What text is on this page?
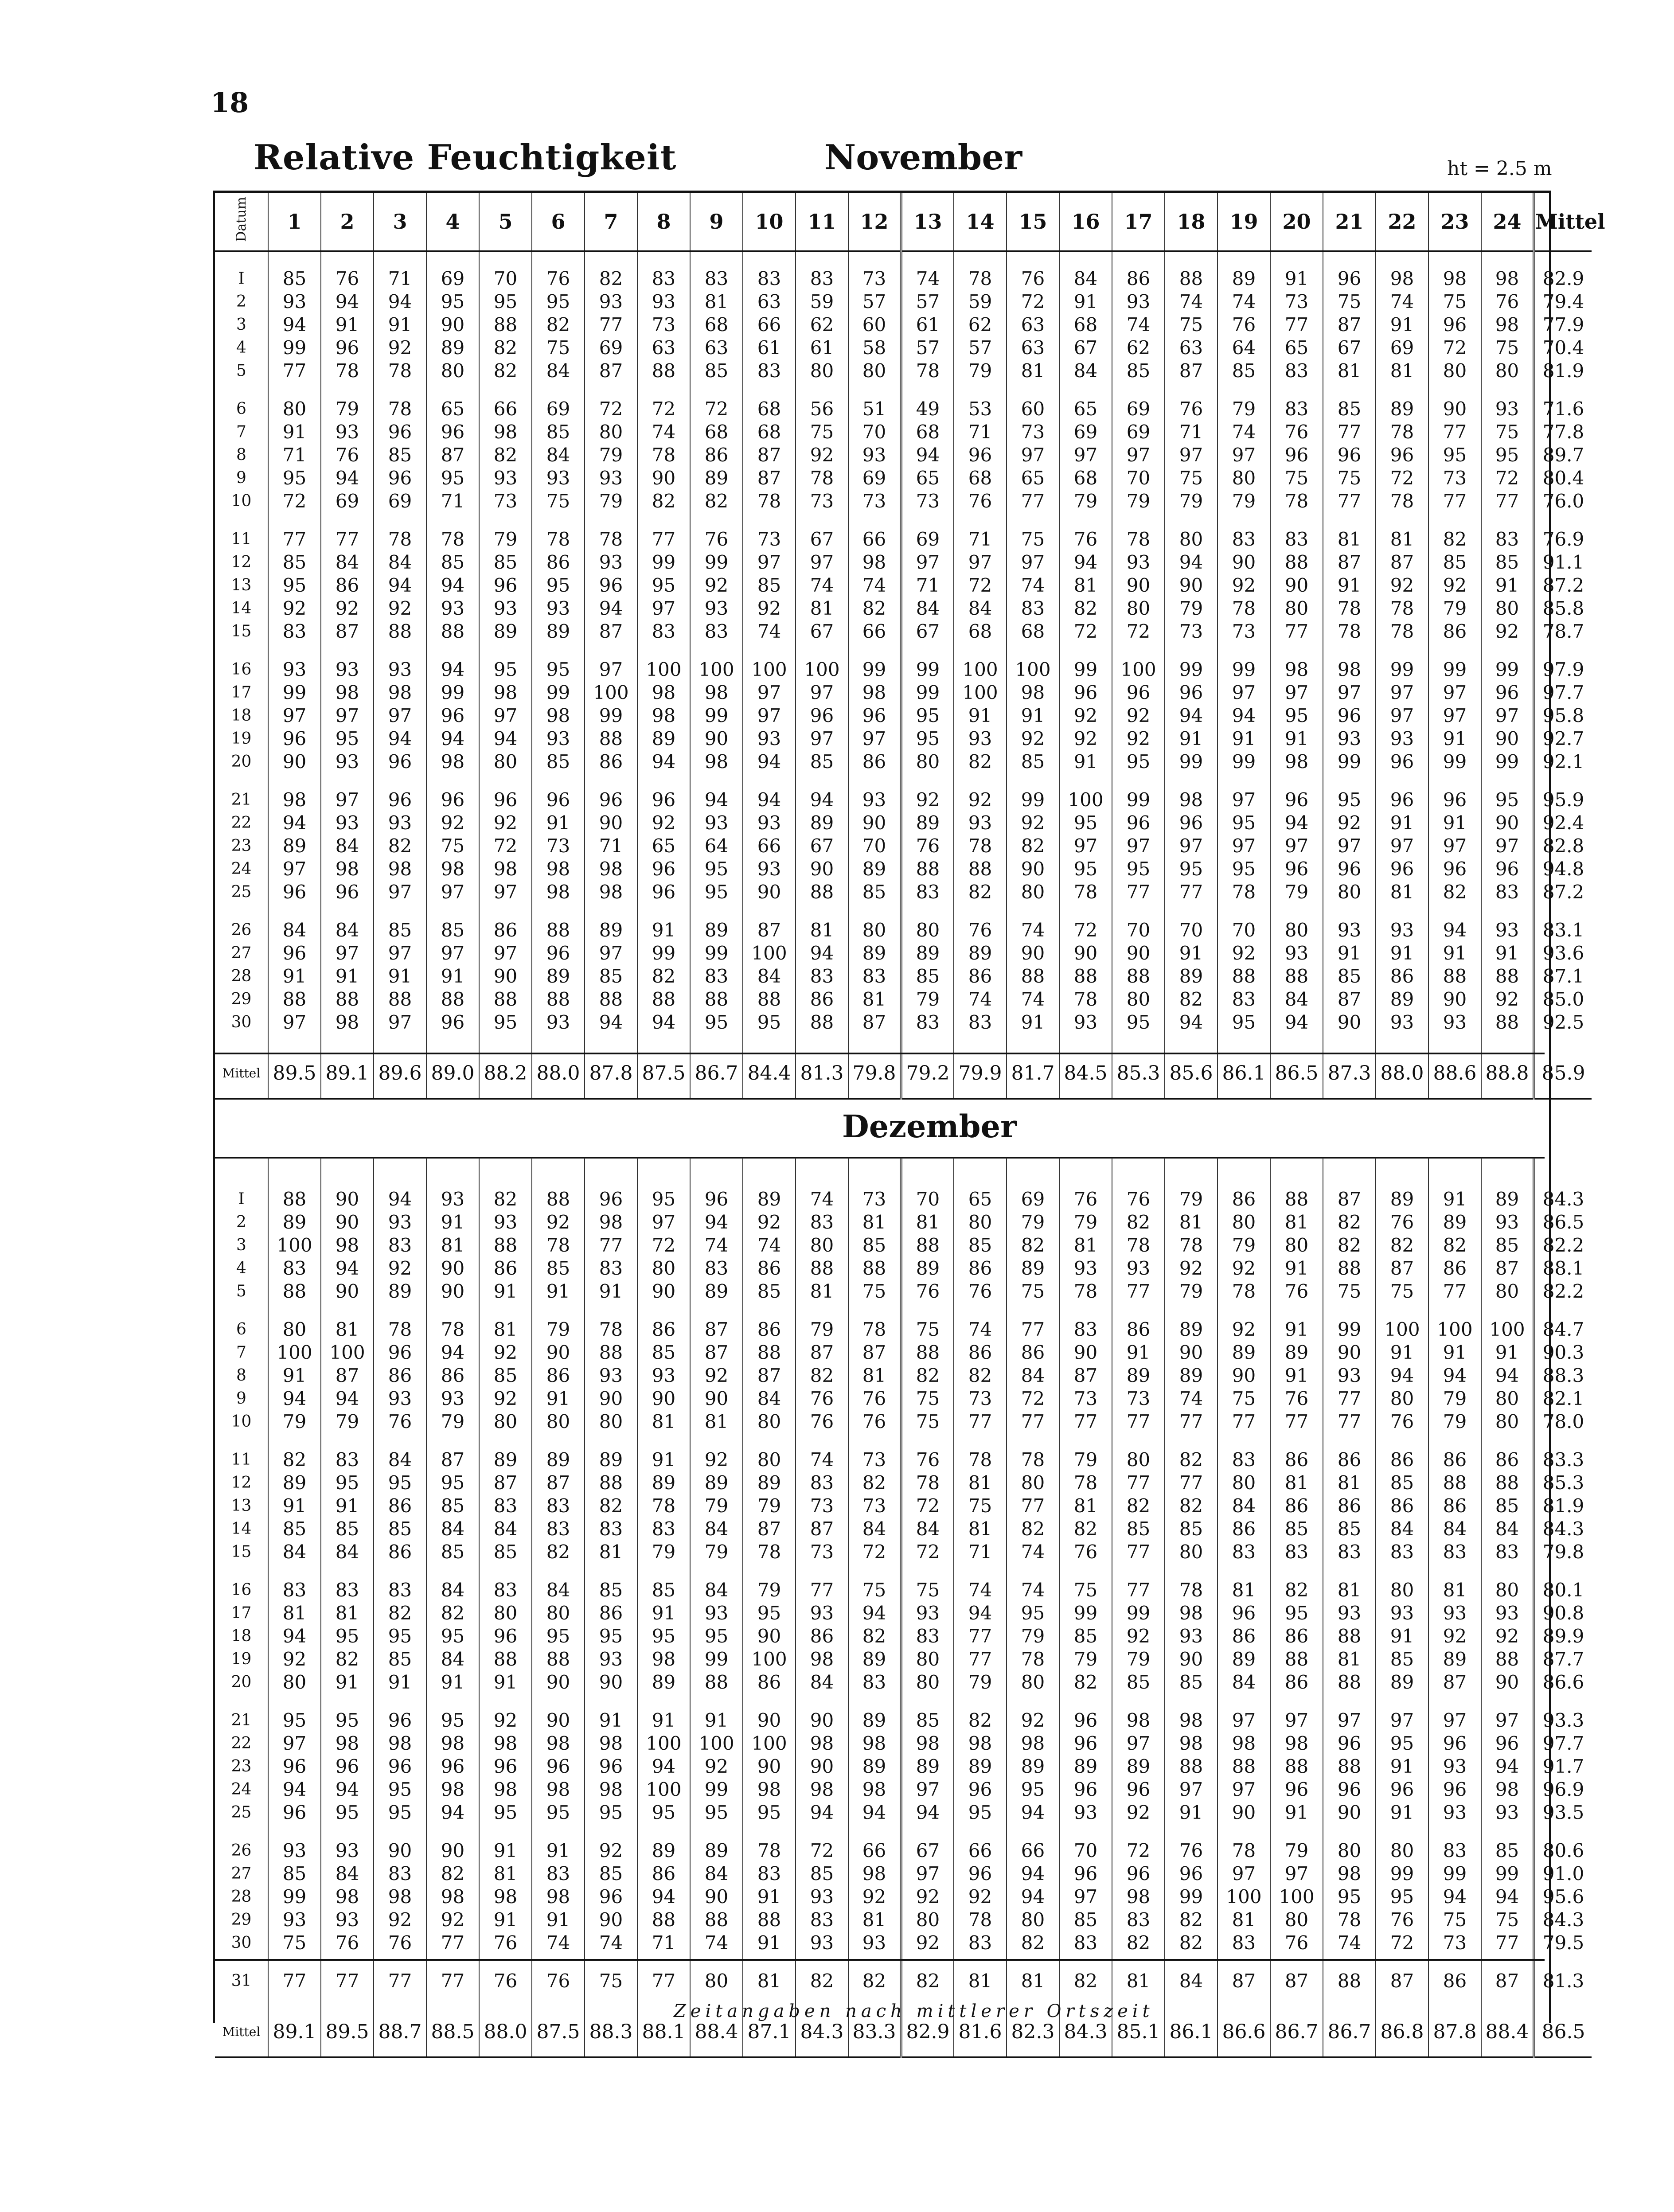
18
Relative Feuchtigkeit	November	ht = 2.5 m
Datum	1	2	3	4	5	6	7	8	9	10	11	12	13	14	15	16	17	18	19	20	21	22	23	24	Mittel

I	85	76	71	69	70	76	82	83	83	83	83	73	74	78	76	84	86	88	89	91	96	98	98	98	82.9
2	93	94	94	95	95	95	93	93	81	63	59	57	57	59	72	91	93	74	74	73	75	74	75	76	79.4
3	94	91	91	90	88	82	77	73	68	66	62	60	61	62	63	68	74	75	76	77	87	91	96	98	77.9
4	99	96	92	89	82	75	69	63	63	61	61	58	57	57	63	67	62	63	64	65	67	69	72	75	70.4
5	77	78	78	80	82	84	87	88	85	83	80	80	78	79	81	84	85	87	85	83	81	81	80	80	81.9

6	80	79	78	65	66	69	72	72	72	68	56	51	49	53	60	65	69	76	79	83	85	89	90	93	71.6
7	91	93	96	96	98	85	80	74	68	68	75	70	68	71	73	69	69	71	74	76	77	78	77	75	77.8
8	71	76	85	87	82	84	79	78	86	87	92	93	94	96	97	97	97	97	97	96	96	96	95	95	89.7
9	95	94	96	95	93	93	93	90	89	87	78	69	65	68	65	68	70	75	80	75	75	72	73	72	80.4
10	72	69	69	71	73	75	79	82	82	78	73	73	73	76	77	79	79	79	79	78	77	78	77	77	76.0

11	77	77	78	78	79	78	78	77	76	73	67	66	69	71	75	76	78	80	83	83	81	81	82	83	76.9
12	85	84	84	85	85	86	93	99	99	97	97	98	97	97	97	94	93	94	90	88	87	87	85	85	91.1
13	95	86	94	94	96	95	96	95	92	85	74	74	71	72	74	81	90	90	92	90	91	92	92	91	87.2
14	92	92	92	93	93	93	94	97	93	92	81	82	84	84	83	82	80	79	78	80	78	78	79	80	85.8
15	83	87	88	88	89	89	87	83	83	74	67	66	67	68	68	72	72	73	73	77	78	78	86	92	78.7

16	93	93	93	94	95	95	97	100	100	100	100	99	99	100	100	99	100	99	99	98	98	99	99	99	97.9
17	99	98	98	99	98	99	100	98	98	97	97	98	99	100	98	96	96	96	97	97	97	97	97	96	97.7
18	97	97	97	96	97	98	99	98	99	97	96	96	95	91	91	92	92	94	94	95	96	97	97	97	95.8
19	96	95	94	94	94	93	88	89	90	93	97	97	95	93	92	92	92	91	91	91	93	93	91	90	92.7
20	90	93	96	98	80	85	86	94	98	94	85	86	80	82	85	91	95	99	99	98	99	96	99	99	92.1

21	98	97	96	96	96	96	96	96	94	94	94	93	92	92	99	100	99	98	97	96	95	96	96	95	95.9
22	94	93	93	92	92	91	90	92	93	93	89	90	89	93	92	95	96	96	95	94	92	91	91	90	92.4
23	89	84	82	75	72	73	71	65	64	66	67	70	76	78	82	97	97	97	97	97	97	97	97	97	82.8
24	97	98	98	98	98	98	98	96	95	93	90	89	88	88	90	95	95	95	95	96	96	96	96	96	94.8
25	96	96	97	97	97	98	98	96	95	90	88	85	83	82	80	78	77	77	78	79	80	81	82	83	87.2

26	84	84	85	85	86	88	89	91	89	87	81	80	80	76	74	72	70	70	70	80	93	93	94	93	83.1
27	96	97	97	97	97	96	97	99	99	100	94	89	89	89	90	90	90	91	92	93	91	91	91	91	93.6
28	91	91	91	91	90	89	85	82	83	84	83	83	85	86	88	88	88	89	88	88	85	86	88	88	87.1
29	88	88	88	88	88	88	88	88	88	88	86	81	79	74	74	78	80	82	83	84	87	89	90	92	85.0
30	97	98	97	96	95	93	94	94	95	95	88	87	83	83	91	93	95	94	95	94	90	93	93	88	92.5

Mittel	89.5	89.1	89.6	89.0	88.2	88.0	87.8	87.5	86.7	84.4	81.3	79.8	79.2	79.9	81.7	84.5	85.3	85.6	86.1	86.5	87.3	88.0	88.6	88.8	85.9
Dezember

I	88	90	94	93	82	88	96	95	96	89	74	73	70	65	69	76	76	79	86	88	87	89	91	89	84.3
2	89	90	93	91	93	92	98	97	94	92	83	81	81	80	79	79	82	81	80	81	82	76	89	93	86.5
3	100	98	83	81	88	78	77	72	74	74	80	85	88	85	82	81	78	78	79	80	82	82	82	85	82.2
4	83	94	92	90	86	85	83	80	83	86	88	88	89	86	89	93	93	92	92	91	88	87	86	87	88.1
5	88	90	89	90	91	91	91	90	89	85	81	75	76	76	75	78	77	79	78	76	75	75	77	80	82.2

6	80	81	78	78	81	79	78	86	87	86	79	78	75	74	77	83	86	89	92	91	99	100	100	100	84.7
7	100	100	96	94	92	90	88	85	87	88	87	87	88	86	86	90	91	90	89	89	90	91	91	91	90.3
8	91	87	86	86	85	86	93	93	92	87	82	81	82	82	84	87	89	89	90	91	93	94	94	94	88.3
9	94	94	93	93	92	91	90	90	90	84	76	76	75	73	72	73	73	74	75	76	77	80	79	80	82.1
10	79	79	76	79	80	80	80	81	81	80	76	76	75	77	77	77	77	77	77	77	77	76	79	80	78.0

11	82	83	84	87	89	89	89	91	92	80	74	73	76	78	78	79	80	82	83	86	86	86	86	86	83.3
12	89	95	95	95	87	87	88	89	89	89	83	82	78	81	80	78	77	77	80	81	81	85	88	88	85.3
13	91	91	86	85	83	83	82	78	79	79	73	73	72	75	77	81	82	82	84	86	86	86	86	85	81.9
14	85	85	85	84	84	83	83	83	84	87	87	84	84	81	82	82	85	85	86	85	85	84	84	84	84.3
15	84	84	86	85	85	82	81	79	79	78	73	72	72	71	74	76	77	80	83	83	83	83	83	83	79.8

16	83	83	83	84	83	84	85	85	84	79	77	75	75	74	74	75	77	78	81	82	81	80	81	80	80.1
17	81	81	82	82	80	80	86	91	93	95	93	94	93	94	95	99	99	98	96	95	93	93	93	93	90.8
18	94	95	95	95	96	95	95	95	95	90	86	82	83	77	79	85	92	93	86	86	88	91	92	92	89.9
19	92	82	85	84	88	88	93	98	99	100	98	89	80	77	78	79	79	90	89	88	81	85	89	88	87.7
20	80	91	91	91	91	90	90	89	88	86	84	83	80	79	80	82	85	85	84	86	88	89	87	90	86.6

21	95	95	96	95	92	90	91	91	91	90	90	89	85	82	92	96	98	98	97	97	97	97	97	97	93.3
22	97	98	98	98	98	98	98	100	100	100	98	98	98	98	98	96	97	98	98	98	96	95	96	96	97.7
23	96	96	96	96	96	96	96	94	92	90	90	89	89	89	89	89	89	88	88	88	88	91	93	94	91.7
24	94	94	95	98	98	98	98	100	99	98	98	98	97	96	95	96	96	97	97	96	96	96	96	98	96.9
25	96	95	95	94	95	95	95	95	95	95	94	94	94	95	94	93	92	91	90	91	90	91	93	93	93.5

26	93	93	90	90	91	91	92	89	89	78	72	66	67	66	66	70	72	76	78	79	80	80	83	85	80.6
27	85	84	83	82	81	83	85	86	84	83	85	98	97	96	94	96	96	96	97	97	98	99	99	99	91.0
28	99	98	98	98	98	98	96	94	90	91	93	92	92	92	94	97	98	99	100	100	95	95	94	94	95.6
29	93	93	92	92	91	91	90	88	88	88	83	81	80	78	80	85	83	82	81	80	78	76	75	75	84.3
30	75	76	76	77	76	74	74	71	74	91	93	93	92	83	82	83	82	82	83	76	74	72	73	77	79.5

31	77	77	77	77	76	76	75	77	80	81	82	82	82	81	81	82	81	84	87	87	88	87	86	87	81.3

Mittel	89.1	89.5	88.7	88.5	88.0	87.5	88.3	88.1	88.4	87.1	84.3	83.3	82.9	81.6	82.3	84.3	85.1	86.1	86.6	86.7	86.7	86.8	87.8	88.4	86.5
Zeitangaben nach mittlerer Ortszeit
